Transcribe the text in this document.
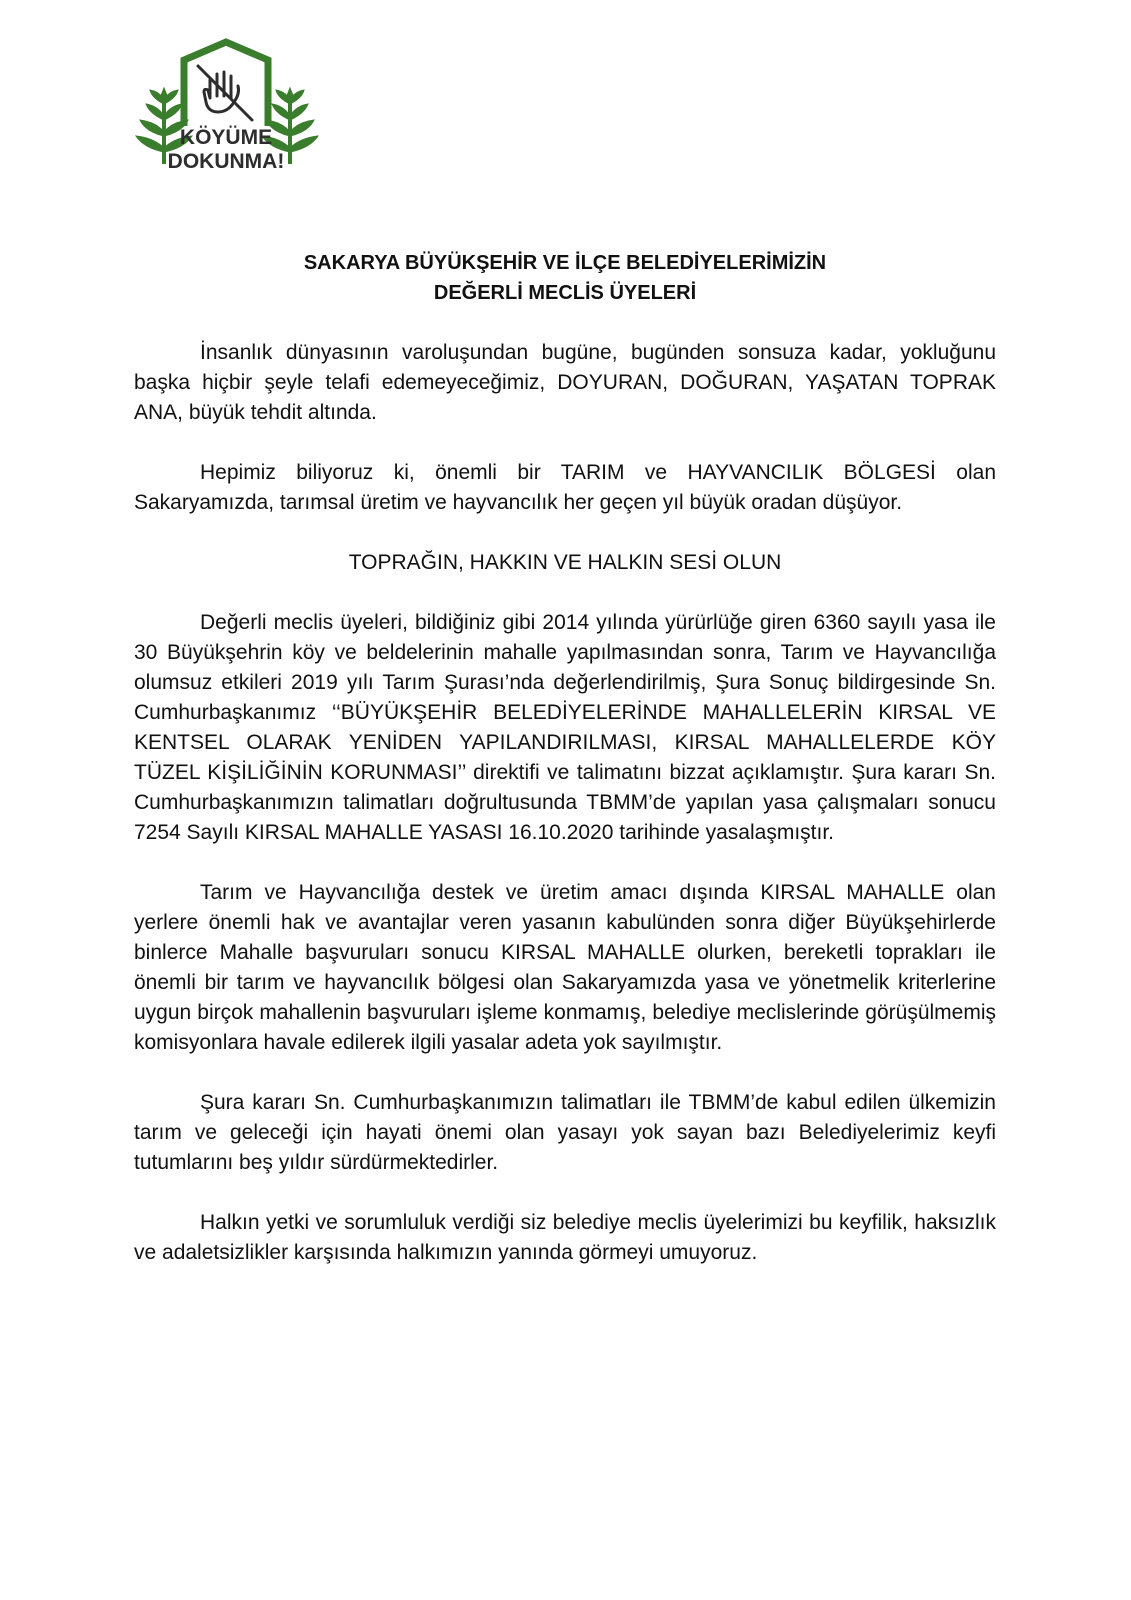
KÖYÜME
DOKUNMA!
SAKARYA BÜYÜKŞEHİR VE İLÇE BELEDİYELERİMİZİN
DEĞERLİ MECLİS ÜYELERİ

İnsanlık dünyasının varoluşundan bugüne, bugünden sonsuza kadar, yokluğunu başka hiçbir şeyle telafi edemeyeceğimiz, DOYURAN, DOĞURAN, YAŞATAN TOPRAK ANA, büyük tehdit altında.

Hepimiz biliyoruz ki, önemli bir TARIM ve HAYVANCILIK BÖLGESİ olan Sakaryamızda, tarımsal üretim ve hayvancılık her geçen yıl büyük oradan düşüyor.

TOPRAĞIN, HAKKIN VE HALKIN SESİ OLUN

Değerli meclis üyeleri, bildiğiniz gibi 2014 yılında yürürlüğe giren 6360 sayılı yasa ile 30 Büyükşehrin köy ve beldelerinin mahalle yapılmasından sonra, Tarım ve Hayvancılığa olumsuz etkileri 2019 yılı Tarım Şurası’nda değerlendirilmiş, Şura Sonuç bildirgesinde Sn. Cumhurbaşkanımız ‘‘BÜYÜKŞEHİR BELEDİYELERİNDE MAHALLELERİN KIRSAL VE KENTSEL OLARAK YENİDEN YAPILANDIRILMASI, KIRSAL MAHALLELERDE KÖY TÜZEL KİŞİLİĞİNİN KORUNMASI’’ direktifi ve talimatını bizzat açıklamıştır. Şura kararı Sn. Cumhurbaşkanımızın talimatları doğrultusunda TBMM’de yapılan yasa çalışmaları sonucu 7254 Sayılı KIRSAL MAHALLE YASASI 16.10.2020 tarihinde yasalaşmıştır.

Tarım ve Hayvancılığa destek ve üretim amacı dışında KIRSAL MAHALLE olan yerlere önemli hak ve avantajlar veren yasanın kabulünden sonra diğer Büyükşehirlerde binlerce Mahalle başvuruları sonucu KIRSAL MAHALLE olurken, bereketli toprakları ile önemli bir tarım ve hayvancılık bölgesi olan Sakaryamızda yasa ve yönetmelik kriterlerine uygun birçok mahallenin başvuruları işleme konmamış, belediye meclislerinde görüşülmemiş komisyonlara havale edilerek ilgili yasalar adeta yok sayılmıştır.

Şura kararı Sn. Cumhurbaşkanımızın talimatları ile TBMM’de kabul edilen ülkemizin tarım ve geleceği için hayati önemi olan yasayı yok sayan bazı Belediyelerimiz keyfi tutumlarını beş yıldır sürdürmektedirler.

Halkın yetki ve sorumluluk verdiği siz belediye meclis üyelerimizi bu keyfilik, haksızlık ve adaletsizlikler karşısında halkımızın yanında görmeyi umuyoruz.
